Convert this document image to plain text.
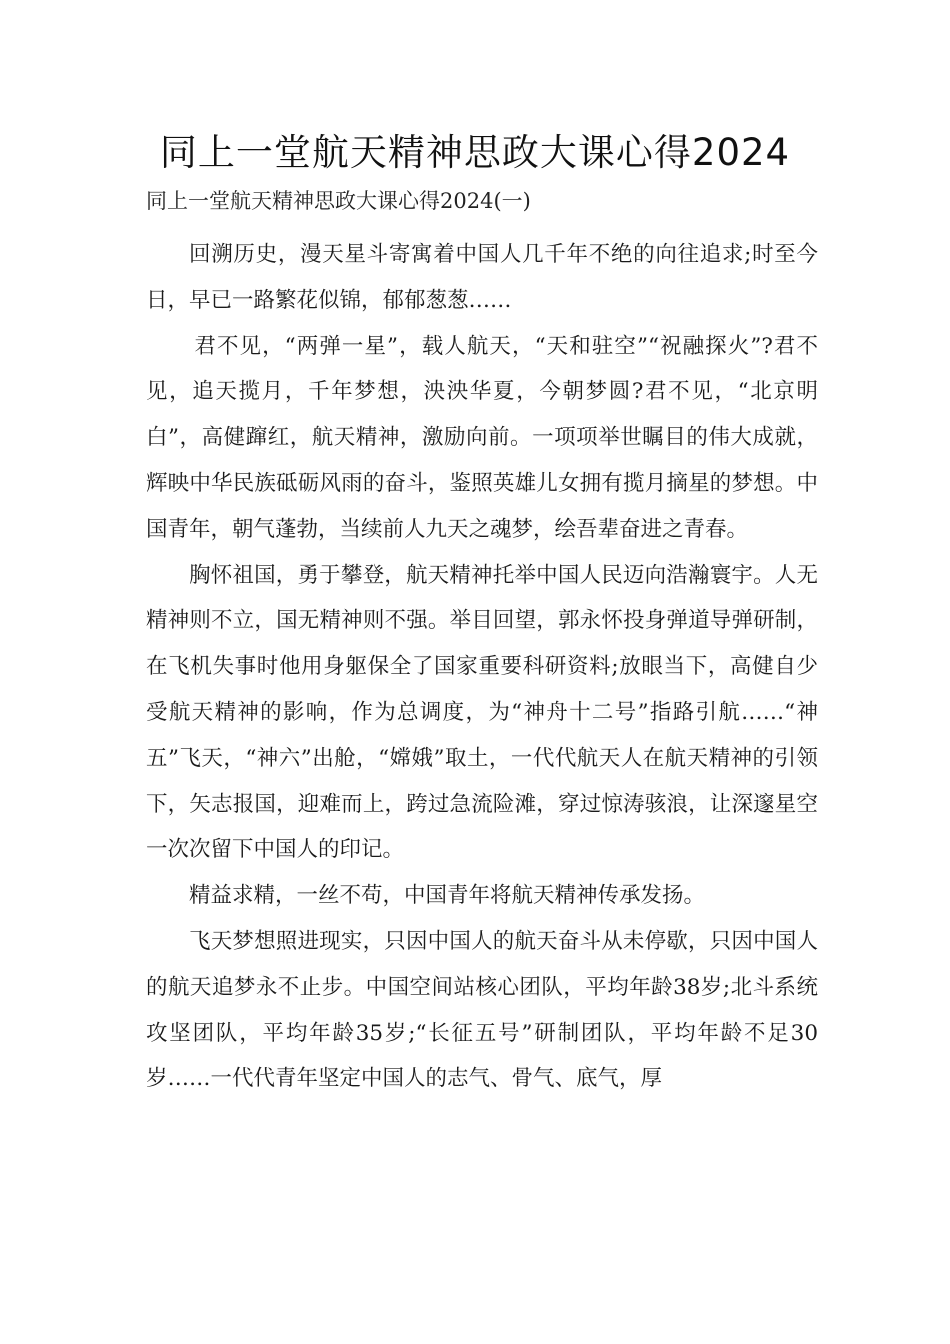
同上一堂航天精神思政大课心得2024
同上一堂航天精神思政大课心得2024(一)

回溯历史，漫天星斗寄寓着中国人几千年不绝的向往追求;时至今日，早已一路繁花似锦，郁郁葱葱……

君不见，“两弹一星”，载人航天，“天和驻空”“祝融探火”?君不见，追天揽月，千年梦想，泱泱华夏，今朝梦圆?君不见，“北京明白”，高健蹿红，航天精神，激励向前。一项项举世瞩目的伟大成就，辉映中华民族砥砺风雨的奋斗，鉴照英雄儿女拥有揽月摘星的梦想。中国青年，朝气蓬勃，当续前人九天之魂梦，绘吾辈奋进之青春。

胸怀祖国，勇于攀登，航天精神托举中国人民迈向浩瀚寰宇。人无精神则不立，国无精神则不强。举目回望，郭永怀投身弹道导弹研制，在飞机失事时他用身躯保全了国家重要科研资料;放眼当下，高健自少受航天精神的影响，作为总调度，为“神舟十二号”指路引航……“神五”飞天，“神六”出舱，“嫦娥”取土，一代代航天人在航天精神的引领下，矢志报国，迎难而上，跨过急流险滩，穿过惊涛骇浪，让深邃星空一次次留下中国人的印记。

精益求精，一丝不苟，中国青年将航天精神传承发扬。

飞天梦想照进现实，只因中国人的航天奋斗从未停歇，只因中国人的航天追梦永不止步。中国空间站核心团队，平均年龄38岁;北斗系统攻坚团队，平均年龄35岁;“长征五号”研制团队，平均年龄不足30岁……一代代青年坚定中国人的志气、骨气、底气，厚
